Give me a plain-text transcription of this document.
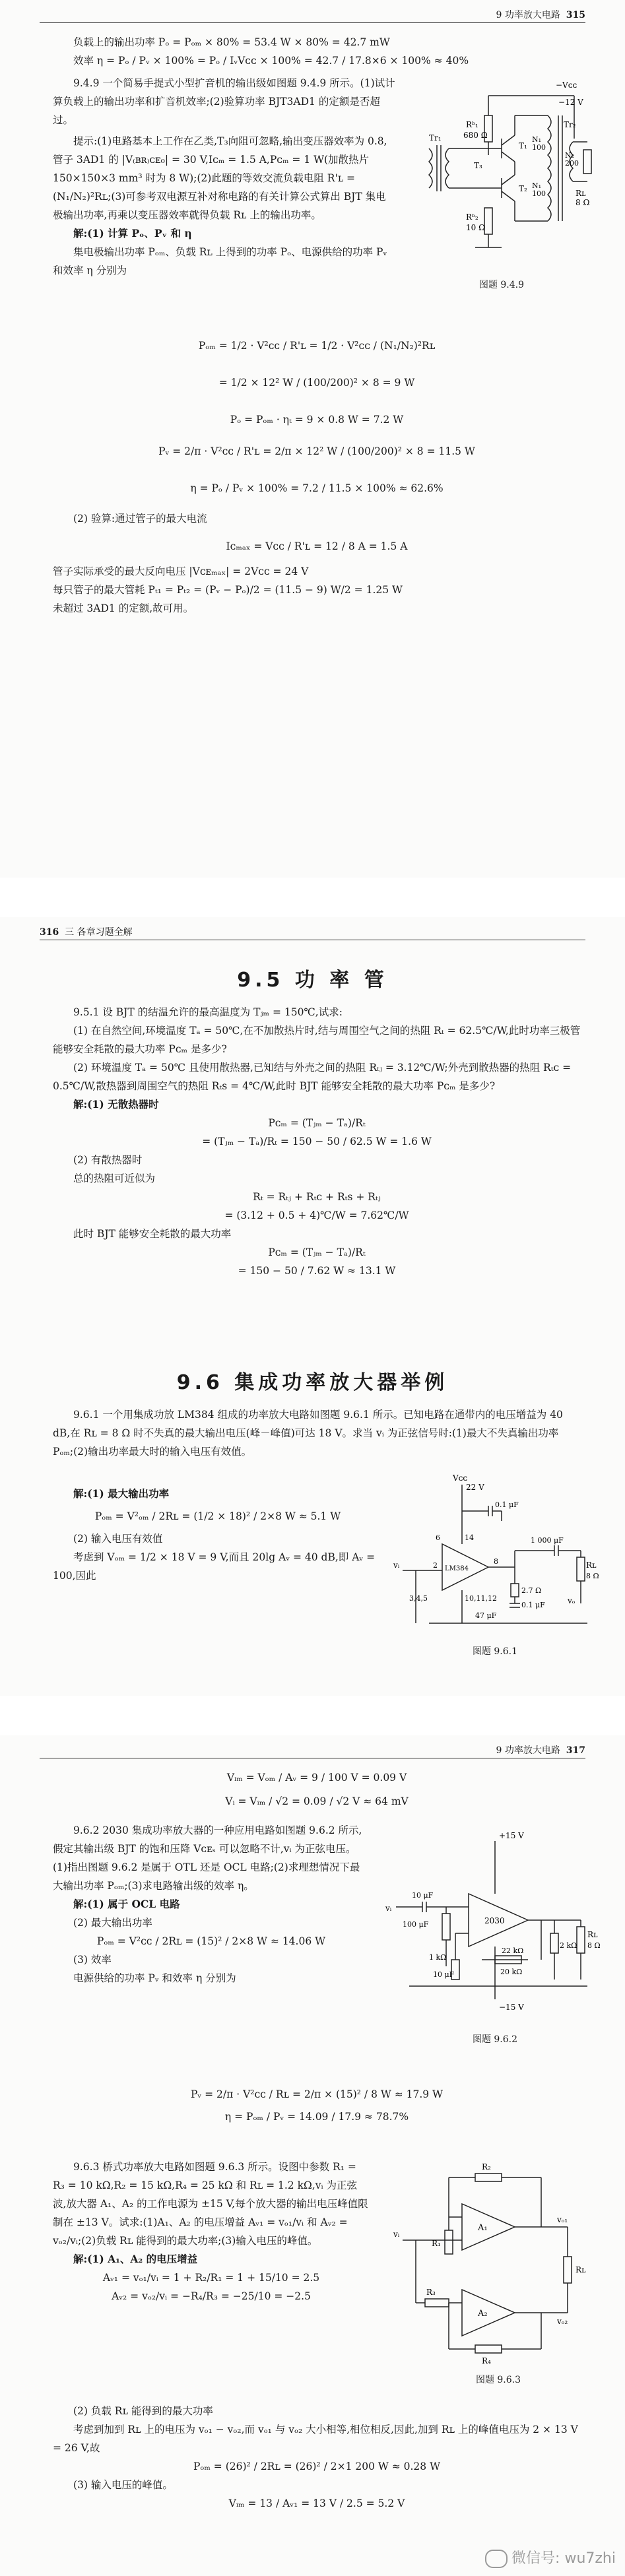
9 功率放大电路 315

负载上的输出功率 Pₒ = Pₒₘ × 80% = 53.4 W × 80% = 42.7 mW

效率 η = Pₒ / Pᵥ × 100% = Pₒ / IᵥVᴄᴄ × 100% = 42.7 / 17.8×6 × 100% ≈ 40%

9.4.9 一个简易手提式小型扩音机的输出级如图题 9.4.9 所示。(1)试计算负载上的输出功率和扩音机效率;(2)验算功率 BJT3AD1 的定额是否超过。

提示:(1)电路基本上工作在乙类,T₃向阻可忽略,输出变压器效率为 0.8,管子 3AD1 的 |V₍ʙʀ₎ᴄᴇ₀| = 30 V,Iᴄₘ = 1.5 A,Pᴄₘ = 1 W(加散热片 150×150×3 mm³ 时为 8 W);(2)此题的等效交流负载电阻 R'ʟ = (N₁/N₂)²Rʟ;(3)可参考双电源互补对称电路的有关计算公式算出 BJT 集电极输出功率,再乘以变压器效率就得负载 Rʟ 上的输出功率。

解:(1) 计算 Pₒ、Pᵥ 和 η

集电极输出功率 Pₒₘ、负载 Rʟ 上得到的功率 Pₒ、电源供给的功率 Pᵥ 和效率 η 分别为

−Vᴄᴄ
−12 V
Rᵇ₁
680 Ω
Tr₁
T₁
T₂
T₃
Rᵇ₂
10 Ω
N₁
100
N₁
100
N₂
200
Tr₂
Rʟ
8 Ω
图题 9.4.9

Pₒₘ = 1/2 · V²ᴄᴄ / R'ʟ = 1/2 · V²ᴄᴄ / (N₁/N₂)²Rʟ

= 1/2 × 12² W / (100/200)² × 8 = 9 W

Pₒ = Pₒₘ · ηₜ = 9 × 0.8 W = 7.2 W

Pᵥ = 2/π · V²ᴄᴄ / R'ʟ = 2/π × 12² W / (100/200)² × 8 = 11.5 W

η = Pₒ / Pᵥ × 100% = 7.2 / 11.5 × 100% ≈ 62.6%

(2) 验算:通过管子的最大电流

Iᴄₘₐₓ = Vᴄᴄ / R'ʟ = 12 / 8 A = 1.5 A

管子实际承受的最大反向电压 |Vᴄᴇₘₐₓ| = 2Vᴄᴄ = 24 V

每只管子的最大管耗 Pₜ₁ = Pₜ₂ = (Pᵥ − Pₒ)/2 = (11.5 − 9) W/2 = 1.25 W

未超过 3AD1 的定额,故可用。

316 三 各章习题全解
9.5 功 率 管

9.5.1 设 BJT 的结温允许的最高温度为 Tⱼₘ = 150℃,试求:

(1) 在自然空间,环境温度 Tₐ = 50℃,在不加散热片时,结与周围空气之间的热阻 Rₜ = 62.5℃/W,此时功率三极管能够安全耗散的最大功率 Pᴄₘ 是多少?

(2) 环境温度 Tₐ = 50℃ 且使用散热器,已知结与外壳之间的热阻 Rₜⱼ = 3.12℃/W;外壳到散热器的热阻 Rₜᴄ = 0.5℃/W,散热器到周围空气的热阻 Rₜs = 4℃/W,此时 BJT 能够安全耗散的最大功率 Pᴄₘ 是多少?

解:(1) 无散热器时

Pᴄₘ = (Tⱼₘ − Tₐ)/Rₜ

= (Tⱼₘ − Tₐ)/Rₜ = 150 − 50 / 62.5 W = 1.6 W

(2) 有散热器时

总的热阻可近似为

Rₜ = Rₜⱼ + Rₜᴄ + Rₜs + Rₜⱼ

= (3.12 + 0.5 + 4)℃/W = 7.62℃/W

此时 BJT 能够安全耗散的最大功率

Pᴄₘ = (Tⱼₘ − Tₐ)/Rₜ

= 150 − 50 / 7.62 W ≈ 13.1 W

9.6 集成功率放大器举例

9.6.1 一个用集成功放 LM384 组成的功率放大电路如图题 9.6.1 所示。已知电路在通带内的电压增益为 40 dB,在 Rʟ = 8 Ω 时不失真的最大输出电压(峰－峰值)可达 18 V。求当 vᵢ 为正弦信号时:(1)最大不失真输出功率 Pₒₘ;(2)输出功率最大时的输入电压有效值。

解:(1) 最大输出功率

Pₒₘ = V²ₒₘ / 2Rʟ = (1/2 × 18)² / 2×8 W ≈ 5.1 W

(2) 输入电压有效值

考虑到 Vₒₘ = 1/2 × 18 V = 9 V,而且 20lg Aᵥ = 40 dB,即 Aᵥ = 100,因此

Vᴄᴄ
22 V
0.1 μF
6	14	1 000 μF
2
vᵢ	LM384
8	Rʟ
8 Ω
vₒ
2.7 Ω
0.1 μF
3,4,5	10,11,12
47 μF
图题 9.6.1
9 功率放大电路 317

Vᵢₘ = Vₒₘ / Aᵥ = 9 / 100 V = 0.09 V

Vᵢ = Vᵢₘ / √2 = 0.09 / √2 V ≈ 64 mV

9.6.2 2030 集成功率放大器的一种应用电路如图题 9.6.2 所示,假定其输出级 BJT 的饱和压降 Vᴄᴇₛ 可以忽略不计,vᵢ 为正弦电压。(1)指出图题 9.6.2 是属于 OTL 还是 OCL 电路;(2)求理想情况下最大输出功率 Pₒₘ;(3)求电路输出级的效率 η。

解:(1) 属于 OCL 电路

(2) 最大输出功率

Pₒₘ = V²ᴄᴄ / 2Rʟ = (15)² / 2×8 W ≈ 14.06 W

(3) 效率

电源供给的功率 Pᵥ 和效率 η 分别为

Pᵥ = 2/π · V²ᴄᴄ / Rʟ = 2/π × (15)² / 8 W ≈ 17.9 W

η = Pₒₘ / Pᵥ = 14.09 / 17.9 ≈ 78.7%

+15 V
10 μF
100 μF
vᵢ
2030
20 kΩ
1 kΩ
10 μF
2 kΩ
−15 V
Rʟ
8 Ω
22 kΩ
图题 9.6.2

9.6.3 桥式功率放大电路如图题 9.6.3 所示。设图中参数 R₁ = R₃ = 10 kΩ,R₂ = 15 kΩ,R₄ = 25 kΩ 和 Rʟ = 1.2 kΩ,vᵢ 为正弦波,放大器 A₁、A₂ 的工作电源为 ±15 V,每个放大器的输出电压峰值限制在 ±13 V。试求:(1)A₁、A₂ 的电压增益 Aᵥ₁ = vₒ₁/vᵢ 和 Aᵥ₂ = vₒ₂/vᵢ;(2)负载 Rʟ 能得到的最大功率;(3)输入电压的峰值。

解:(1) A₁、A₂ 的电压增益

Aᵥ₁ = vₒ₁/vᵢ = 1 + R₂/R₁ = 1 + 15/10 = 2.5

Aᵥ₂ = vₒ₂/vᵢ = −R₄/R₃ = −25/10 = −2.5

(2) 负载 Rʟ 能得到的最大功率

考虑到加到 Rʟ 上的电压为 vₒ₁ − vₒ₂,而 vₒ₁ 与 vₒ₂ 大小相等,相位相反,因此,加到 Rʟ 上的峰值电压为 2 × 13 V = 26 V,故

Pₒₘ = (26)² / 2Rʟ = (26)² / 2×1 200 W ≈ 0.28 W

(3) 输入电压的峰值。

Vᵢₘ = 13 / Aᵥ₁ = 13 V / 2.5 = 5.2 V

R₂
R₁
vᵢ
A₁
vₒ₁
Rʟ
R₃
A₂
vₒ₂
R₄
图题 9.6.3
微信号: wu7zhi
